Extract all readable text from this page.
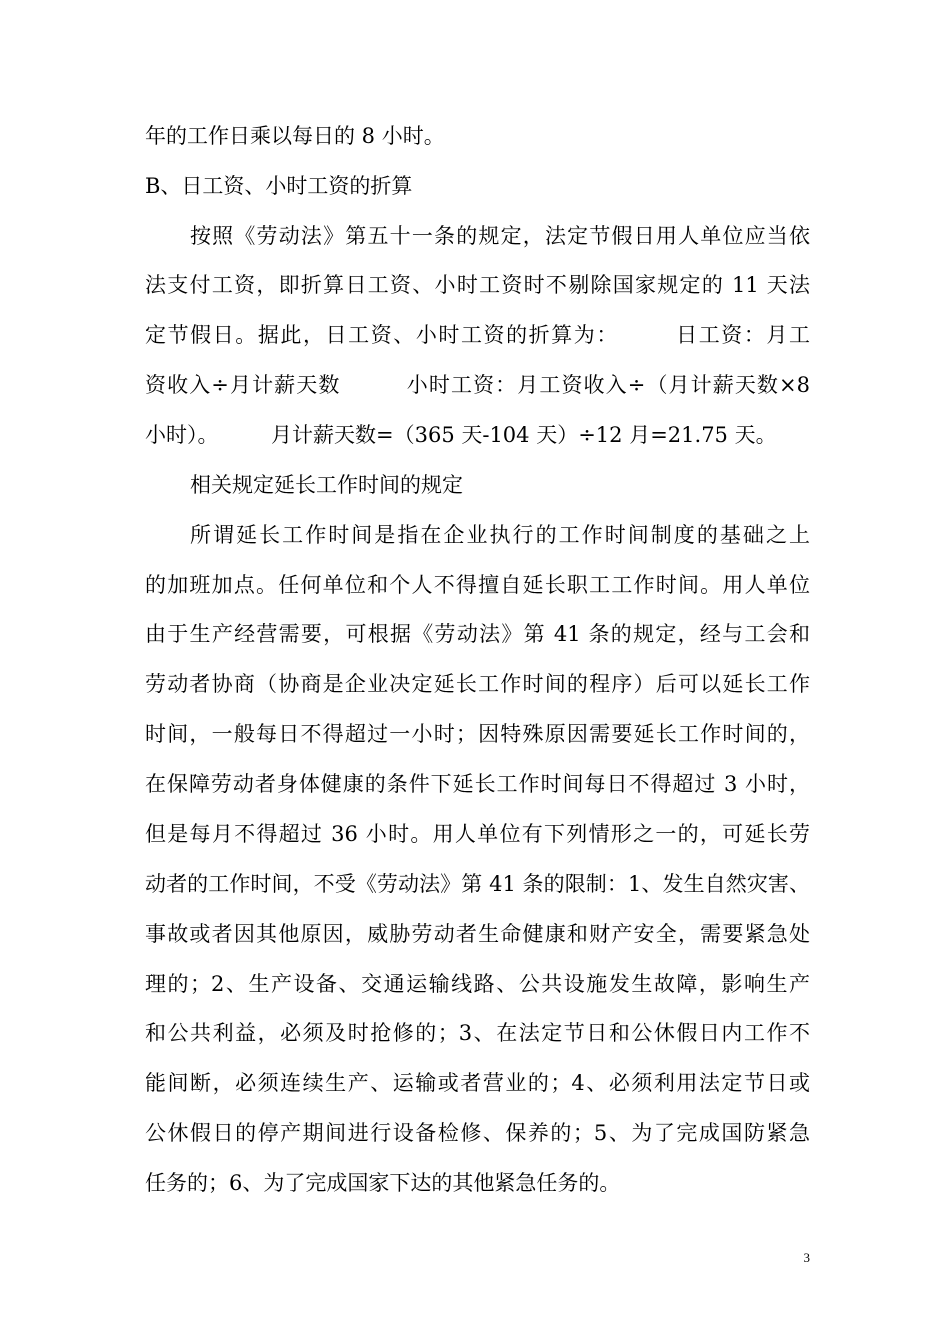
年的工作日乘以每日的 8 小时。
B、日工资、小时工资的折算
按照《劳动法》第五十一条的规定，法定节假日用人单位应当依
法支付工资，即折算日工资、小时工资时不剔除国家规定的 11 天法
定节假日。据此，日工资、小时工资的折算为：　　　日工资：月工
资收入÷月计薪天数　　　小时工资：月工资收入÷（月计薪天数×8
小时）。　　　月计薪天数=（365 天-104 天）÷12 月=21.75 天。
相关规定延长工作时间的规定
所谓延长工作时间是指在企业执行的工作时间制度的基础之上
的加班加点。任何单位和个人不得擅自延长职工工作时间。用人单位
由于生产经营需要，可根据《劳动法》第 41 条的规定，经与工会和
劳动者协商（协商是企业决定延长工作时间的程序）后可以延长工作
时间，一般每日不得超过一小时；因特殊原因需要延长工作时间的，
在保障劳动者身体健康的条件下延长工作时间每日不得超过 3 小时，
但是每月不得超过 36 小时。用人单位有下列情形之一的，可延长劳
动者的工作时间，不受《劳动法》第 41 条的限制：1、发生自然灾害、
事故或者因其他原因，威胁劳动者生命健康和财产安全，需要紧急处
理的；2、生产设备、交通运输线路、公共设施发生故障，影响生产
和公共利益，必须及时抢修的；3、在法定节日和公休假日内工作不
能间断，必须连续生产、运输或者营业的；4、必须利用法定节日或
公休假日的停产期间进行设备检修、保养的；5、为了完成国防紧急
任务的；6、为了完成国家下达的其他紧急任务的。
3
